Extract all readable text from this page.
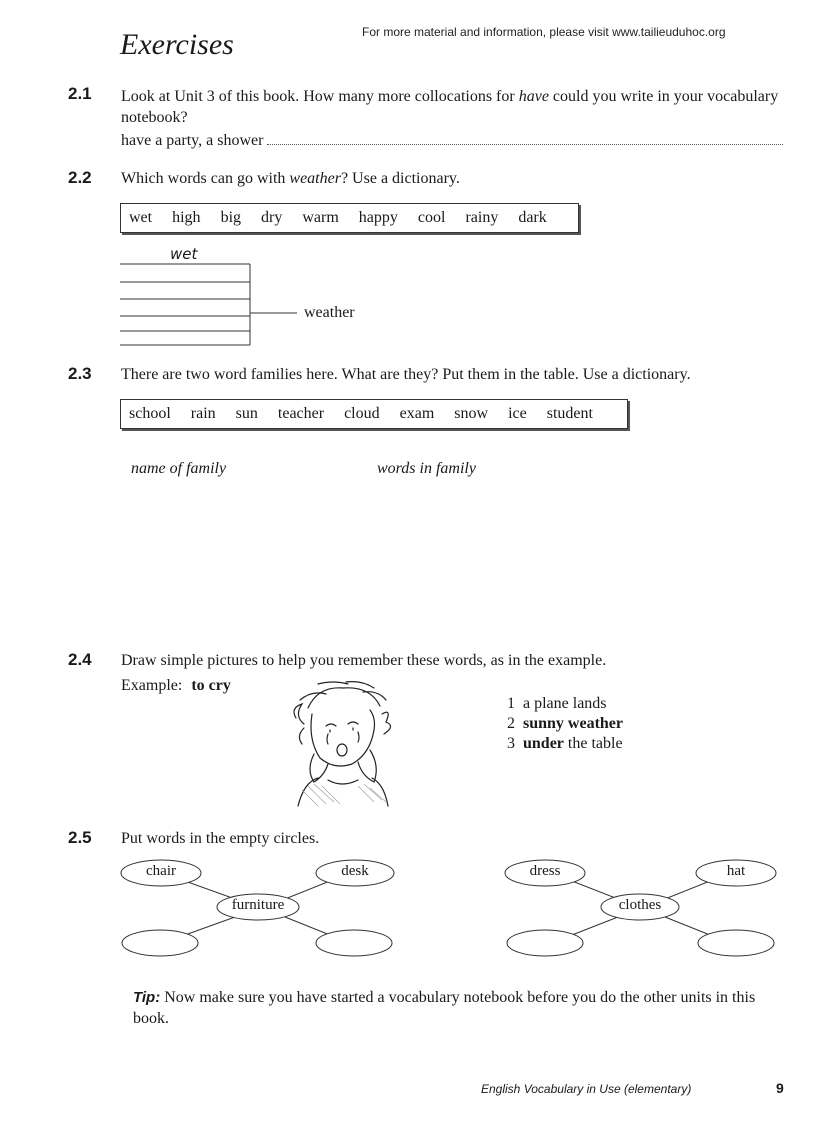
For more material and information, please visit www.tailieuduhoc.org
Exercises
2.1 Look at Unit 3 of this book. How many more collocations for have could you write in your vocabulary notebook?
have a party, a shower
2.2 Which words can go with weather? Use a dictionary.
wet high big dry warm happy cool rainy dark
wet
weather
2.3 There are two word families here. What are they? Put them in the table. Use a dictionary.
school rain sun teacher cloud exam snow ice student
name of family	words in family
2.4 Draw simple pictures to help you remember these words, as in the example.
Example: to cry
1 a plane lands
2 sunny weather
3 under the table
2.5 Put words in the empty circles.
chair	desk
furniture
dress	hat
clothes
Tip: Now make sure you have started a vocabulary notebook before you do the other units in this book.
English Vocabulary in Use (elementary)	9
